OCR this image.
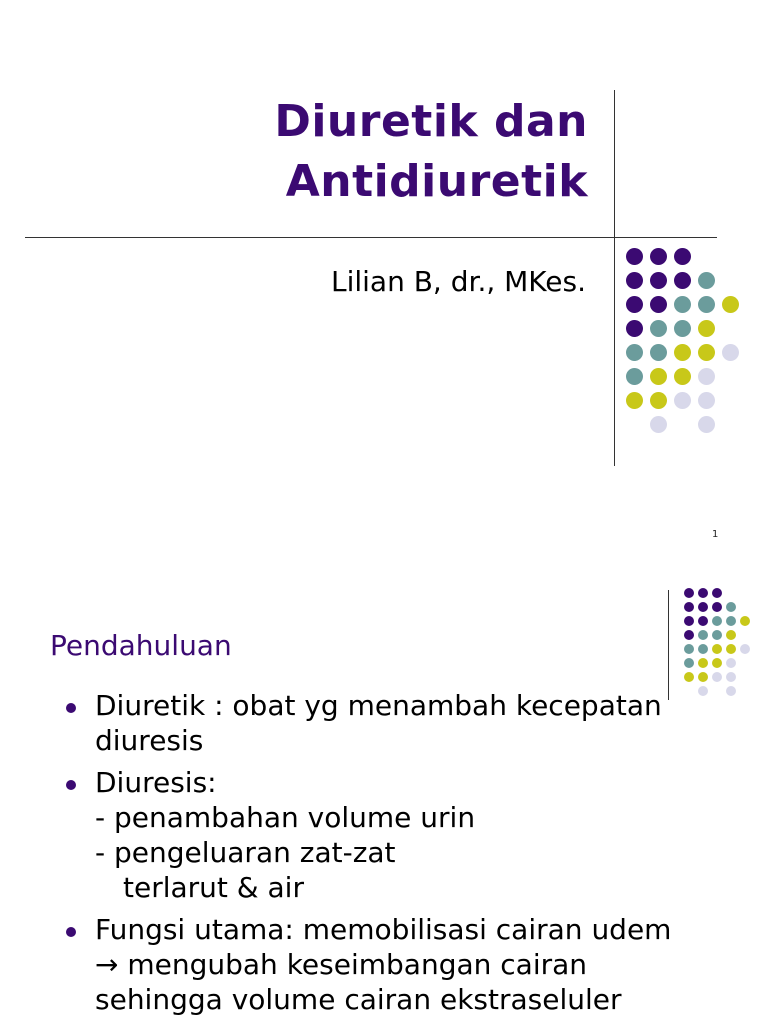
Diuretik dan
Antidiuretik

Lilian B, dr., MKes.

1
Pendahuluan
Diuretik : obat yg menambah kecepatan
diuresis
Diuresis:
- penambahan volume urin
- pengeluaran zat-zat
terlarut & air
Fungsi utama: memobilisasi cairan udem
→ mengubah keseimbangan cairan
sehingga volume cairan ekstraseluler
